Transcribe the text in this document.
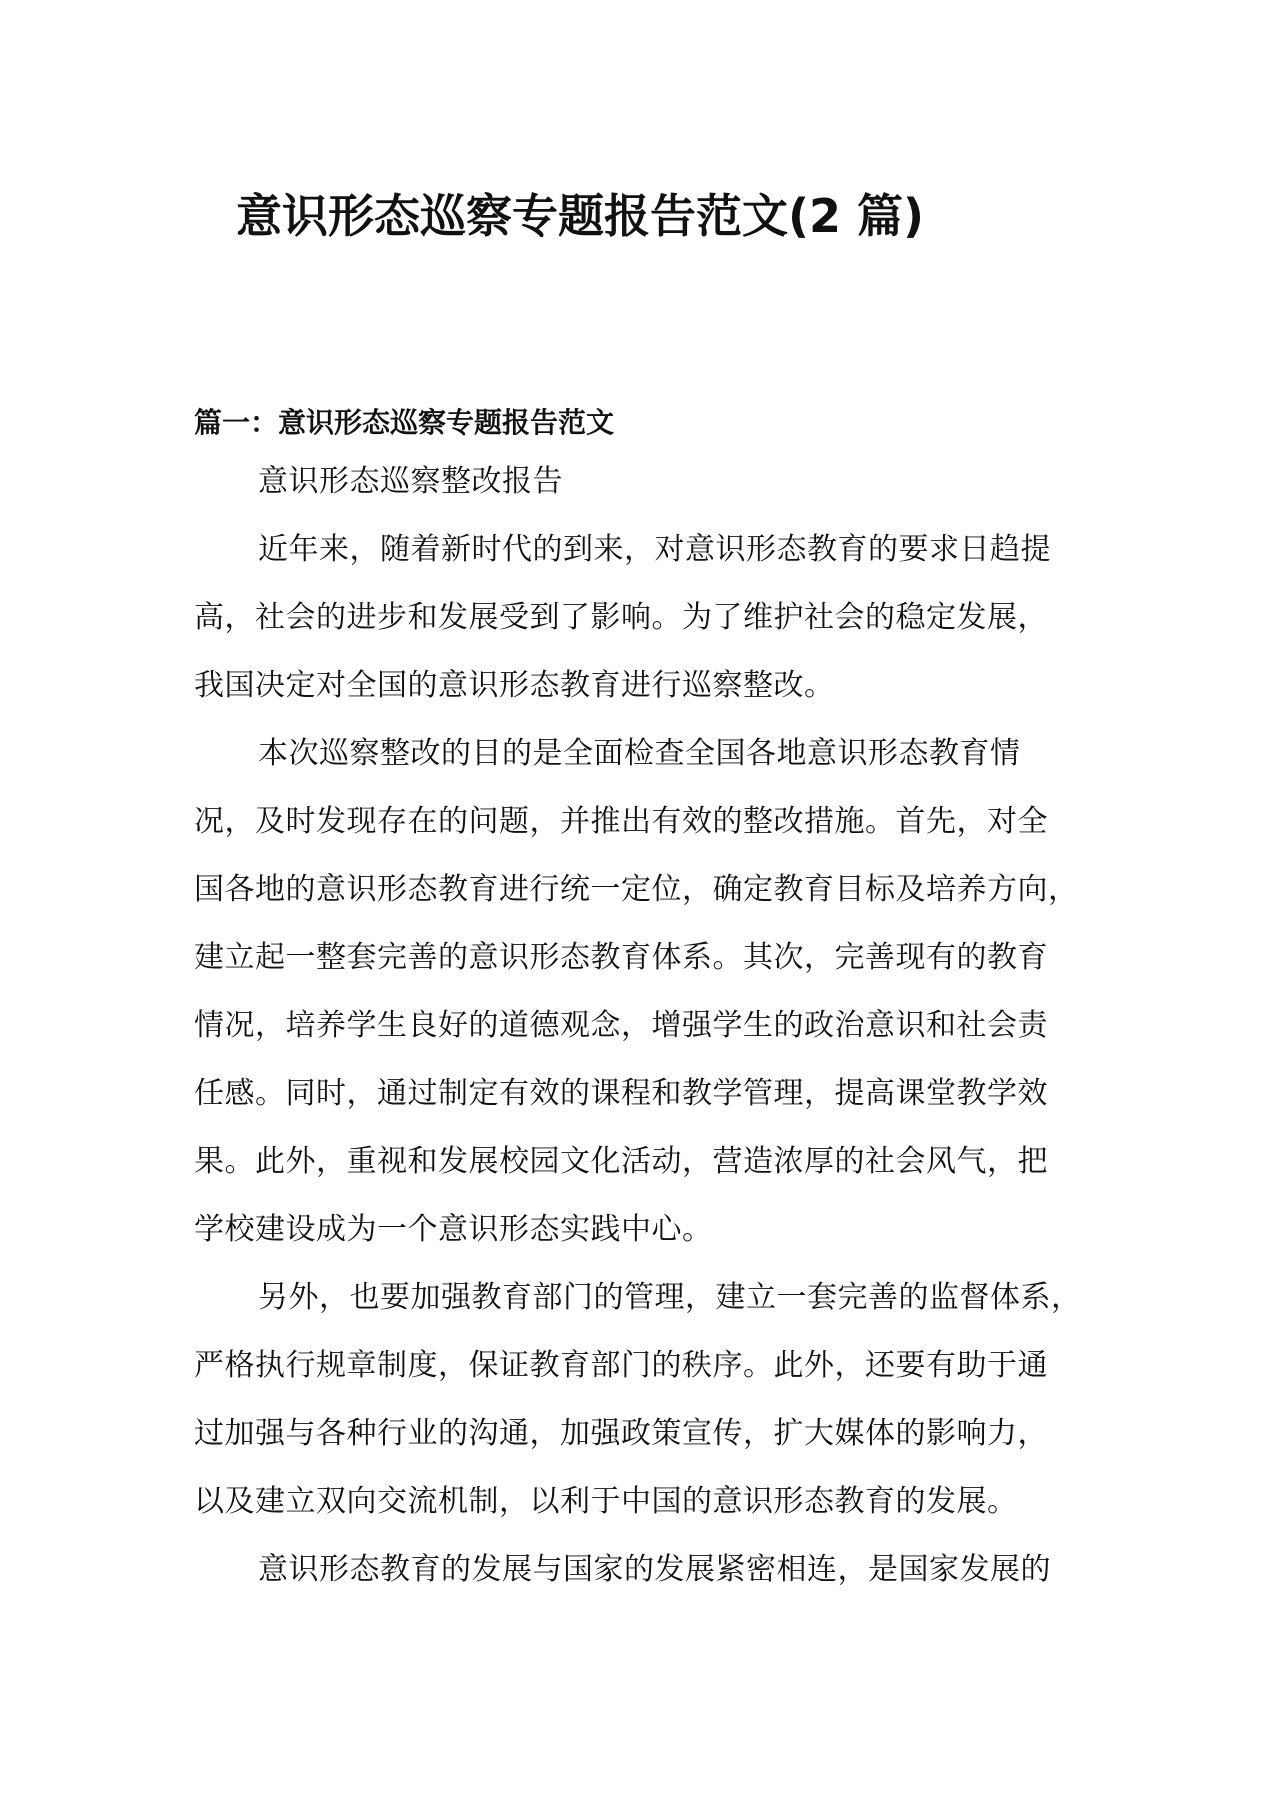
意识形态巡察专题报告范文(2 篇)
篇一：意识形态巡察专题报告范文
意识形态巡察整改报告
近年来，随着新时代的到来，对意识形态教育的要求日趋提
高，社会的进步和发展受到了影响。为了维护社会的稳定发展，
我国决定对全国的意识形态教育进行巡察整改。
本次巡察整改的目的是全面检查全国各地意识形态教育情
况，及时发现存在的问题，并推出有效的整改措施。首先，对全
国各地的意识形态教育进行统一定位，确定教育目标及培养方向，
建立起一整套完善的意识形态教育体系。其次，完善现有的教育
情况，培养学生良好的道德观念，增强学生的政治意识和社会责
任感。同时，通过制定有效的课程和教学管理，提高课堂教学效
果。此外，重视和发展校园文化活动，营造浓厚的社会风气，把
学校建设成为一个意识形态实践中心。
另外，也要加强教育部门的管理，建立一套完善的监督体系，
严格执行规章制度，保证教育部门的秩序。此外，还要有助于通
过加强与各种行业的沟通，加强政策宣传，扩大媒体的影响力，
以及建立双向交流机制，以利于中国的意识形态教育的发展。
意识形态教育的发展与国家的发展紧密相连，是国家发展的
